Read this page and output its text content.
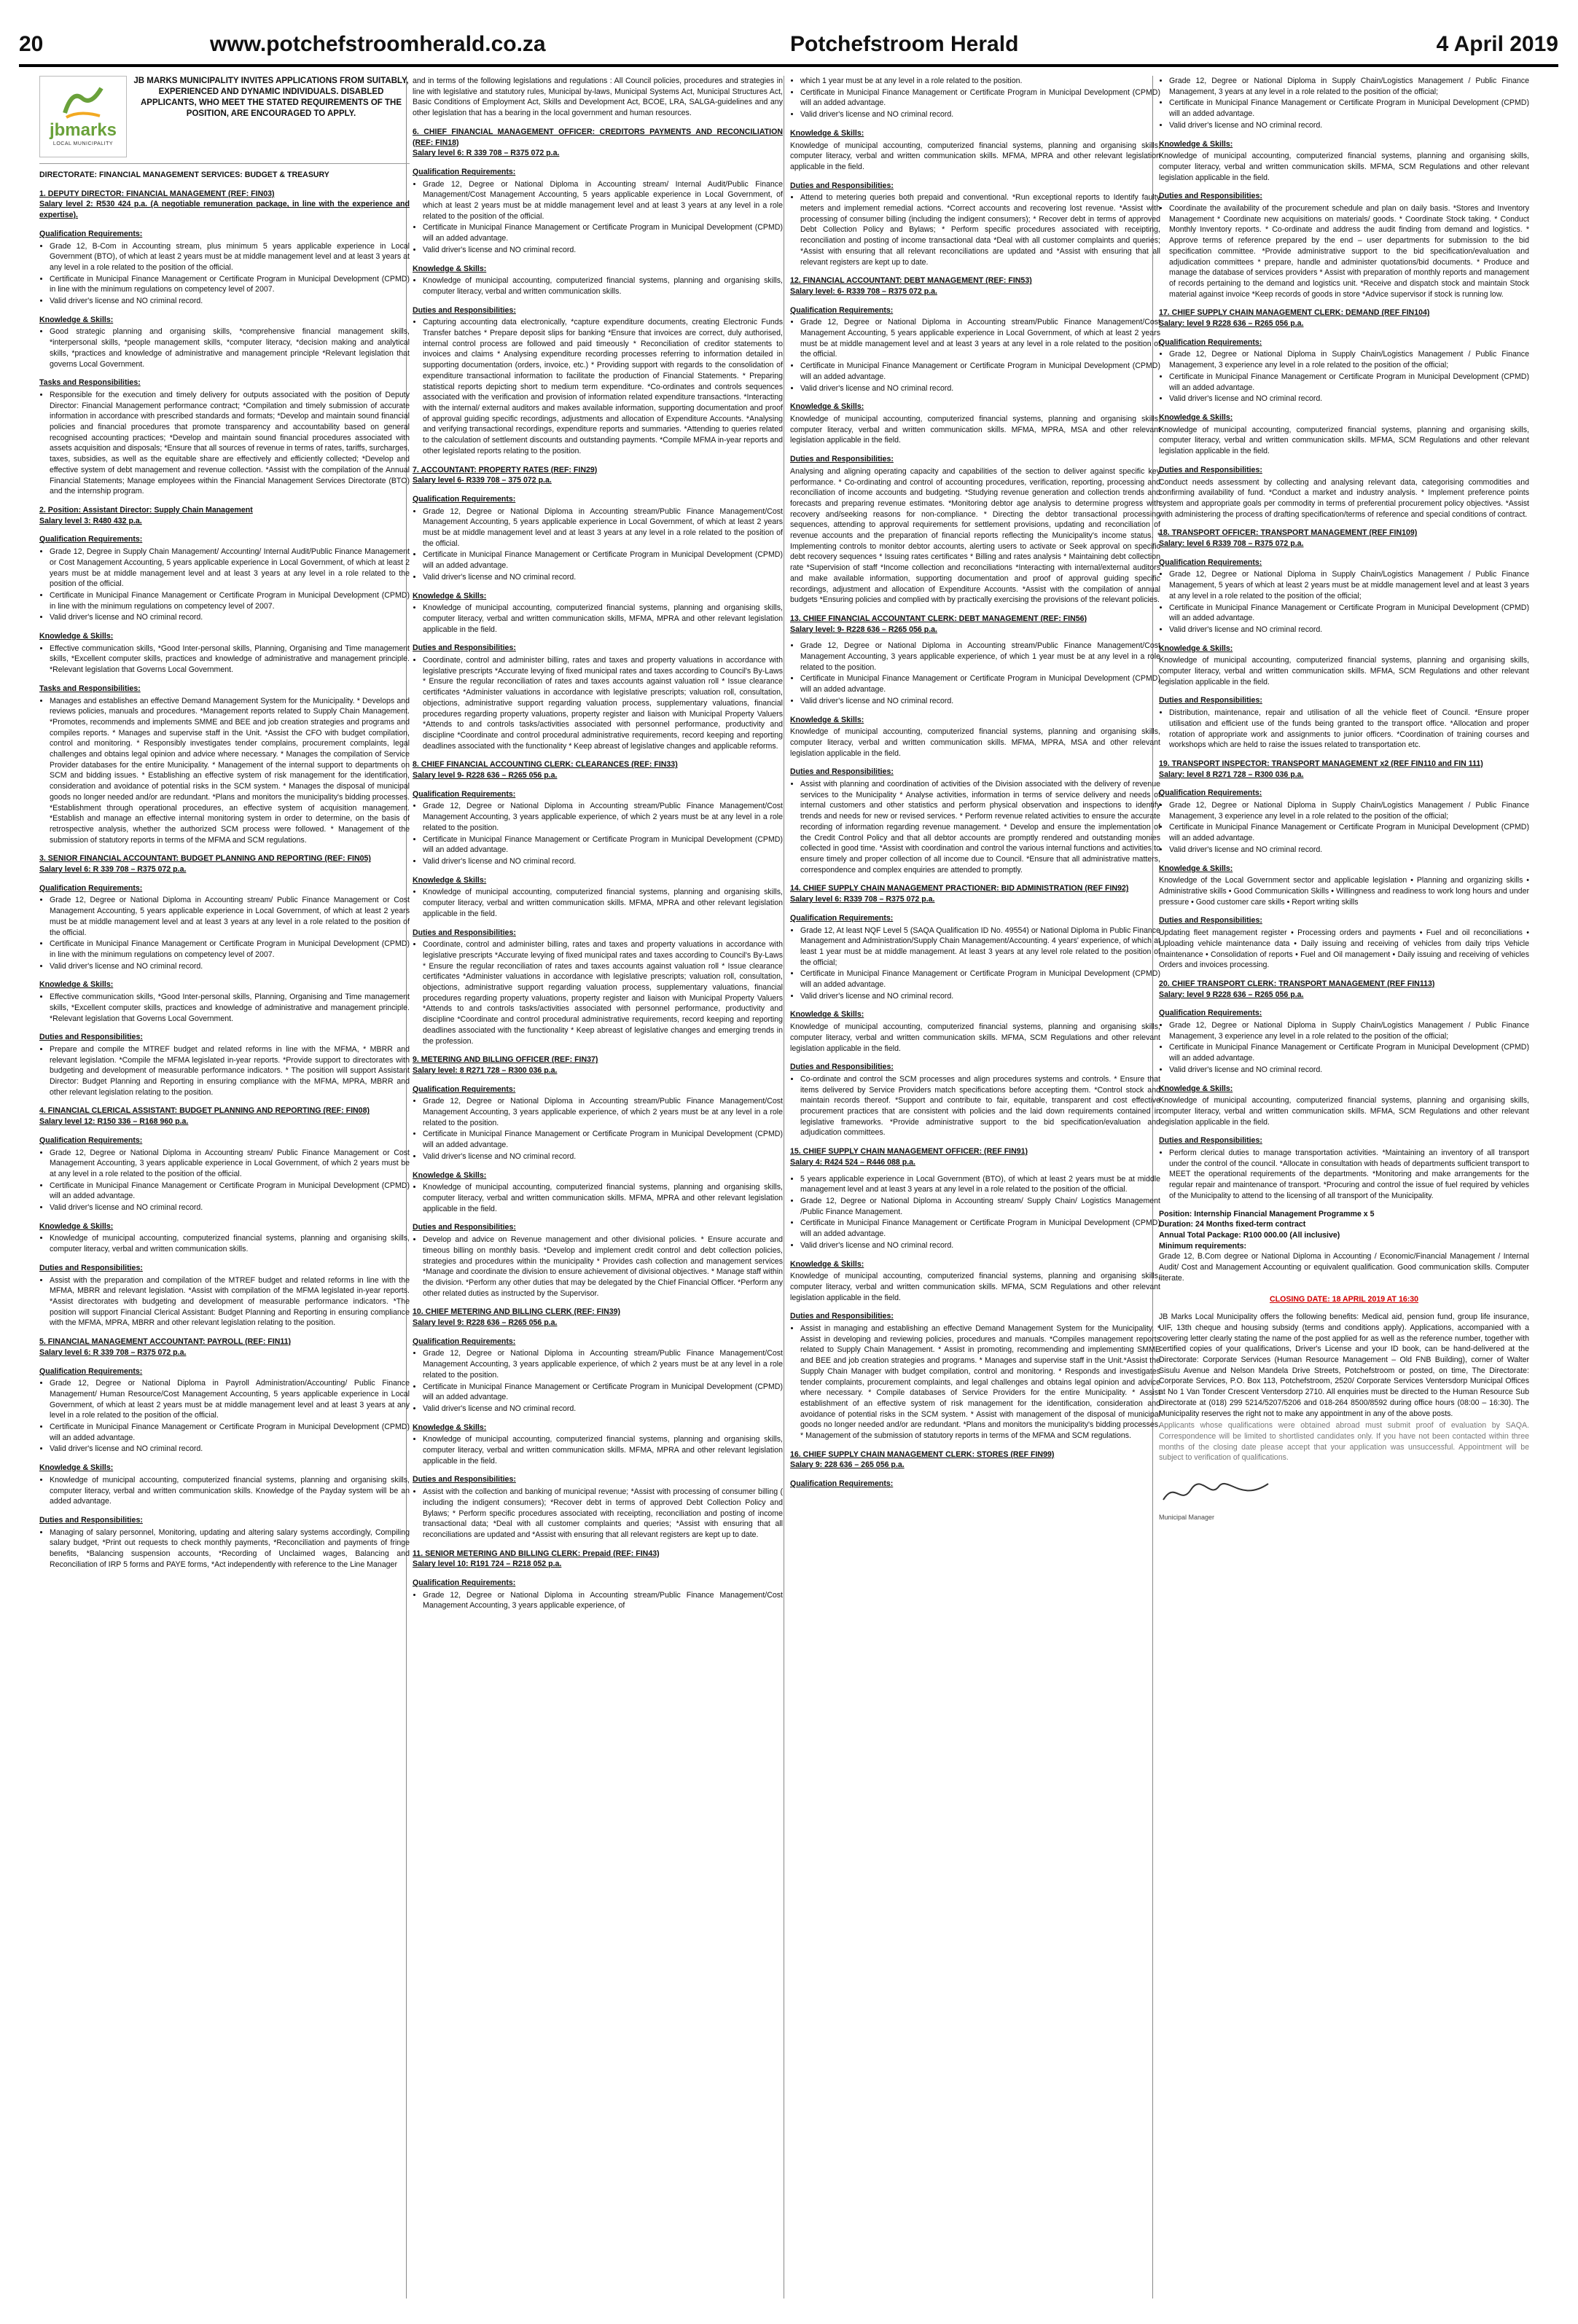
20	www.potchefstroomherald.co.za	Potchefstroom Herald	4 April 2019
jbmarks
LOCAL MUNICIPALITY
JB MARKS MUNICIPALITY INVITES APPLICATIONS FROM SUITABLY, EXPERIENCED AND DYNAMIC INDIVIDUALS. DISABLED APPLICANTS, WHO MEET THE STATED REQUIREMENTS OF THE POSITION, ARE ENCOURAGED TO APPLY.
DIRECTORATE: FINANCIAL MANAGEMENT SERVICES: BUDGET & TREASURY
1. DEPUTY DIRECTOR: FINANCIAL MANAGEMENT (REF: FIN03)
Salary level 2: R530 424 p.a. (A negotiable remuneration package, in line with the experience and expertise).
Qualification Requirements:
• Grade 12, B-Com in Accounting stream, plus minimum 5 years applicable experience in Local Government (BTO), of which at least 2 years must be at middle management level and at least 3 years at any level in a role related to the position of the official.
• Certificate in Municipal Finance Management or Certificate Program in Municipal Development (CPMD) in line with the minimum regulations on competency level of 2007.
• Valid driver's license and NO criminal record.
Knowledge & Skills:
• Good strategic planning and organising skills, *comprehensive financial management skills, *interpersonal skills, *people management skills, *computer literacy, *decision making and analytical skills, *practices and knowledge of administrative and management principle *Relevant legislation that governs Local Government.
Tasks and Responsibilities:
• Responsible for the execution and timely delivery for outputs associated with the position of Deputy Director: Financial Management performance contract; *Compilation and timely submission of accurate information in accordance with prescribed standards and formats; *Develop and maintain sound financial policies and financial procedures that promote transparency and accountability based on general recognised accounting practices; *Develop and maintain sound financial procedures associated with assets acquisition and disposals; *Ensure that all sources of revenue in terms of rates, tariffs, surcharges, taxes, subsidies, as well as the equitable share are effectively and efficiently collected; *Develop and effective system of debt management and revenue collection. *Assist with the compilation of the Annual Financial Statements; Manage employees within the Financial Management Services Directorate (BTO) and the internship program.
2. Position: Assistant Director: Supply Chain Management
Salary level 3: R480 432 p.a.
Qualification Requirements:
• Grade 12, Degree in Supply Chain Management/ Accounting/ Internal Audit/Public Finance Management or Cost Management Accounting, 5 years applicable experience in Local Government, of which at least 2 years must be at middle management level and at least 3 years at any level in a role related to the position of the official.
• Certificate in Municipal Finance Management or Certificate Program in Municipal Development (CPMD) in line with the minimum regulations on competency level of 2007.
• Valid driver's license and NO criminal record.
Knowledge & Skills:
• Effective communication skills, *Good Inter-personal skills, Planning, Organising and Time management skills, *Excellent computer skills, practices and knowledge of administrative and management principle. *Relevant legislation that Governs Local Government.
Tasks and Responsibilities:
• Manages and establishes an effective Demand Management System for the Municipality. * Develops and reviews policies, manuals and procedures. *Management reports related to Supply Chain Management. *Promotes, recommends and implements SMME and BEE and job creation strategies and programs and compiles reports. * Manages and supervise staff in the Unit. *Assist the CFO with budget compilation, control and monitoring. * Responsibly investigates tender complains, procurement complaints, legal challenges and obtains legal opinion and advice where necessary. * Manages the compilation of Service Provider databases for the entire Municipality. * Management of the internal support to departments on SCM and bidding issues. * Establishing an effective system of risk management for the identification, consideration and avoidance of potential risks in the SCM system. * Manages the disposal of municipal goods no longer needed and/or are redundant. *Plans and monitors the municipality's bidding processes. *Establishment through operational procedures, an effective system of acquisition management. *Establish and manage an effective internal monitoring system in order to determine, on the basis of retrospective analysis, whether the authorized SCM process were followed. * Management of the submission of statutory reports in terms of the MFMA and SCM regulations.
3. SENIOR FINANCIAL ACCOUNTANT: BUDGET PLANNING AND REPORTING (REF: FIN05)
Salary level 6: R 339 708 – R375 072 p.a.
Qualification Requirements:
• Grade 12, Degree or National Diploma in Accounting stream/ Public Finance Management or Cost Management Accounting, 5 years applicable experience in Local Government, of which at least 2 years must be at middle management level and at least 3 years at any level in a role related to the position of the official.
• Certificate in Municipal Finance Management or Certificate Program in Municipal Development (CPMD) in line with the minimum regulations on competency level of 2007.
• Valid driver's license and NO criminal record.
Knowledge & Skills:
• Effective communication skills, *Good Inter-personal skills, Planning, Organising and Time management skills, *Excellent computer skills, practices and knowledge of administrative and management principle. *Relevant legislation that Governs Local Government.
Duties and Responsibilities:
• Prepare and compile the MTREF budget and related reforms in line with the MFMA, * MBRR and relevant legislation. *Compile the MFMA legislated in-year reports. *Provide support to directorates with budgeting and development of measurable performance indicators. * The position will support Assistant Director: Budget Planning and Reporting in ensuring compliance with the MFMA, MPRA, MBRR and other relevant legislation relating to the position.
4. FINANCIAL CLERICAL ASSISTANT: BUDGET PLANNING AND REPORTING (REF: FIN08)
Salary level 12: R150 336 – R168 960 p.a.
Qualification Requirements:
• Grade 12, Degree or National Diploma in Accounting stream/ Public Finance Management or Cost Management Accounting, 3 years applicable experience in Local Government, of which 2 years must be at any level in a role related to the position of the official.
• Certificate in Municipal Finance Management or Certificate Program in Municipal Development (CPMD) will an added advantage.
• Valid driver's license and NO criminal record.
Knowledge & Skills:
• Knowledge of municipal accounting, computerized financial systems, planning and organising skills, computer literacy, verbal and written communication skills.
Duties and Responsibilities:
• Assist with the preparation and compilation of the MTREF budget and related reforms in line with the MFMA, MBRR and relevant legislation. *Assist with compilation of the MFMA legislated in-year reports. *Assist directorates with budgeting and development of measurable performance indicators. *The position will support Financial Clerical Assistant: Budget Planning and Reporting in ensuring compliance with the MFMA, MPRA, MBRR and other relevant legislation relating to the position.
5. FINANCIAL MANAGEMENT ACCOUNTANT: PAYROLL (REF: FIN11)
Salary level 6: R 339 708 – R375 072 p.a.
Qualification Requirements:
• Grade 12, Degree or National Diploma in Payroll Administration/Accounting/ Public Finance Management/ Human Resource/Cost Management Accounting, 5 years applicable experience in Local Government, of which at least 2 years must be at middle management level and at least 3 years at any level in a role related to the position of the official.
• Certificate in Municipal Finance Management or Certificate Program in Municipal Development (CPMD) will an added advantage.
• Valid driver's license and NO criminal record.
Knowledge & Skills:
• Knowledge of municipal accounting, computerized financial systems, planning and organising skills, computer literacy, verbal and written communication skills. Knowledge of the Payday system will be an added advantage.
Duties and Responsibilities:
• Managing of salary personnel, Monitoring, updating and altering salary systems accordingly, Compiling salary budget, *Print out requests to check monthly payments, *Reconciliation and payments of fringe benefits, *Balancing suspension accounts, *Recording of Unclaimed wages, Balancing and Reconciliation of IRP 5 forms and PAYE forms, *Act independently with reference to the Line Manager
and in terms of the following legislations and regulations : All Council policies, procedures and strategies in line with legislative and statutory rules, Municipal by-laws, Municipal Systems Act, Municipal Structures Act, Basic Conditions of Employment Act, Skills and Development Act, BCOE, LRA, SALGA-guidelines and any other legislation that has a bearing in the local government and human resources.
6. CHIEF FINANCIAL MANAGEMENT OFFICER: CREDITORS PAYMENTS AND RECONCILIATION (REF: FIN18)
Salary level 6: R 339 708 – R375 072 p.a.
Qualification Requirements:
• Grade 12, Degree or National Diploma in Accounting stream/ Internal Audit/Public Finance Management/Cost Management Accounting, 5 years applicable experience in Local Government, of which at least 2 years must be at middle management level and at least 3 years at any level in a role related to the position of the official.
• Certificate in Municipal Finance Management or Certificate Program in Municipal Development (CPMD) will an added advantage.
• Valid driver's license and NO criminal record.
Knowledge & Skills:
• Knowledge of municipal accounting, computerized financial systems, planning and organising skills, computer literacy, verbal and written communication skills.
Duties and Responsibilities:
• Capturing accounting data electronically, *capture expenditure documents, creating Electronic Funds Transfer batches * Prepare deposit slips for banking *Ensure that invoices are correct, duly authorised, internal control process are followed and paid timeously * Reconciliation of creditor statements to invoices and claims * Analysing expenditure recording processes referring to information detailed in supporting documentation (orders, invoice, etc.) * Providing support with regards to the consolidation of expenditure transactional information to facilitate the production of Financial Statements. * Preparing statistical reports depicting short to medium term expenditure. *Co-ordinates and controls sequences associated with the verification and provision of information related expenditure transactions. *Interacting with the internal/ external auditors and makes available information, supporting documentation and proof of approval guiding specific recordings, adjustments and allocation of Expenditure Accounts. *Analysing and verifying transactional recordings, expenditure reports and summaries. *Attending to queries related to the calculation of settlement discounts and outstanding payments. *Compile MFMA in-year reports and other legislated reports relating to the position.
7. ACCOUNTANT: PROPERTY RATES (REF: FIN29)
Salary level 6- R339 708 – 375 072 p.a.
Qualification Requirements:
• Grade 12, Degree or National Diploma in Accounting stream/Public Finance Management/Cost Management Accounting, 5 years applicable experience in Local Government, of which at least 2 years must be at middle management level and at least 3 years at any level in a role related to the position of the official.
• Certificate in Municipal Finance Management or Certificate Program in Municipal Development (CPMD) will an added advantage.
• Valid driver's license and NO criminal record.
Knowledge & Skills:
• Knowledge of municipal accounting, computerized financial systems, planning and organising skills, computer literacy, verbal and written communication skills, MFMA, MPRA and other relevant legislation applicable in the field.
Duties and Responsibilities:
• Coordinate, control and administer billing, rates and taxes and property valuations in accordance with legislative prescripts *Accurate levying of fixed municipal rates and taxes according to Council's By-Laws * Ensure the regular reconciliation of rates and taxes accounts against valuation roll * Issue clearance certificates *Administer valuations in accordance with legislative prescripts; valuation roll, consultation, objections, administrative support regarding valuation process, supplementary valuations, financial procedures regarding property valuations, property register and liaison with Municipal Property Valuers *Attends to and controls tasks/activities associated with personnel performance, productivity and discipline *Coordinate and control procedural administrative requirements, record keeping and reporting deadlines associated with the functionality * Keep abreast of legislative changes and applicable reforms.
8. CHIEF FINANCIAL ACCOUNTING CLERK: CLEARANCES (REF: FIN33)
Salary level 9- R228 636 – R265 056 p.a.
Qualification Requirements:
• Grade 12, Degree or National Diploma in Accounting stream/Public Finance Management/Cost Management Accounting, 3 years applicable experience, of which 2 years must be at any level in a role related to the position.
• Certificate in Municipal Finance Management or Certificate Program in Municipal Development (CPMD) will an added advantage.
• Valid driver's license and NO criminal record.
Knowledge & Skills:
• Knowledge of municipal accounting, computerized financial systems, planning and organising skills, computer literacy, verbal and written communication skills. MFMA, MPRA and other relevant legislation applicable in the field.
Duties and Responsibilities:
• Coordinate, control and administer billing, rates and taxes and property valuations in accordance with legislative prescripts *Accurate levying of fixed municipal rates and taxes according to Council's By-Laws * Ensure the regular reconciliation of rates and taxes accounts against valuation roll * Issue clearance certificates *Administer valuations in accordance with legislative prescripts; valuation roll, consultation, objections, administrative support regarding valuation process, supplementary valuations, financial procedures regarding property valuations, property register and liaison with Municipal Property Valuers *Attends to and controls tasks/activities associated with personnel performance, productivity and discipline *Coordinate and control procedural administrative requirements, record keeping and reporting deadlines associated with the functionality * Keep abreast of legislative changes and emerging trends in the profession.
9. METERING AND BILLING OFFICER (REF: FIN37)
Salary level: 8 R271 728 – R300 036 p.a.
Qualification Requirements:
• Grade 12, Degree or National Diploma in Accounting stream/Public Finance Management/Cost Management Accounting, 3 years applicable experience, of which 2 years must be at any level in a role related to the position.
• Certificate in Municipal Finance Management or Certificate Program in Municipal Development (CPMD) will an added advantage.
• Valid driver's license and NO criminal record.
Knowledge & Skills:
• Knowledge of municipal accounting, computerized financial systems, planning and organising skills, computer literacy, verbal and written communication skills. MFMA, MPRA and other relevant legislation applicable in the field.
Duties and Responsibilities:
• Develop and advice on Revenue management and other divisional policies. * Ensure accurate and timeous billing on monthly basis. *Develop and implement credit control and debt collection policies, strategies and procedures within the municipality * Provides cash collection and management services *Manage and coordinate the division to ensure achievement of divisional objectives. * Manage staff within the division. *Perform any other duties that may be delegated by the Chief Financial Officer. *Perform any other related duties as instructed by the Supervisor.
10. CHIEF METERING AND BILLING CLERK (REF: FIN39)
Salary level 9: R228 636 – R265 056 p.a.
Qualification Requirements:
• Grade 12, Degree or National Diploma in Accounting stream/Public Finance Management/Cost Management Accounting, 3 years applicable experience, of which 2 years must be at any level in a role related to the position.
• Certificate in Municipal Finance Management or Certificate Program in Municipal Development (CPMD) will an added advantage.
• Valid driver's license and NO criminal record.
Knowledge & Skills:
• Knowledge of municipal accounting, computerized financial systems, planning and organising skills, computer literacy, verbal and written communication skills. MFMA, MPRA and other relevant legislation applicable in the field.
Duties and Responsibilities:
• Assist with the collection and banking of municipal revenue; *Assist with processing of consumer billing ( including the indigent consumers); *Recover debt in terms of approved Debt Collection Policy and Bylaws; * Perform specific procedures associated with receipting, reconciliation and posting of income transactional data; *Deal with all customer complaints and queries; *Assist with ensuring that all reconciliations are updated and *Assist with ensuring that all relevant registers are kept up to date.
11. SENIOR METERING AND BILLING CLERK: Prepaid (REF: FIN43)
Salary level 10: R191 724 – R218 052 p.a.
Qualification Requirements:
• Grade 12, Degree or National Diploma in Accounting stream/Public Finance Management/Cost Management Accounting, 3 years applicable experience, of
• which 1 year must be at any level in a role related to the position.
• Certificate in Municipal Finance Management or Certificate Program in Municipal Development (CPMD) will an added advantage.
• Valid driver's license and NO criminal record.
Knowledge & Skills:
Knowledge of municipal accounting, computerized financial systems, planning and organising skills, computer literacy, verbal and written communication skills. MFMA, MPRA and other relevant legislation applicable in the field.
Duties and Responsibilities:
• Attend to metering queries both prepaid and conventional. *Run exceptional reports to Identify faulty meters and implement remedial actions. *Correct accounts and recovering lost revenue. *Assist with processing of consumer billing (including the indigent consumers); * Recover debt in terms of approved Debt Collection Policy and Bylaws; * Perform specific procedures associated with receipting, reconciliation and posting of income transactional data *Deal with all customer complaints and queries; *Assist with ensuring that all relevant reconciliations are updated and *Assist with ensuring that all relevant registers are kept up to date.
12. FINANCIAL ACCOUNTANT: DEBT MANAGEMENT (REF: FIN53)
Salary level: 6- R339 708 – R375 072 p.a.
Qualification Requirements:
• Grade 12, Degree or National Diploma in Accounting stream/Public Finance Management/Cost Management Accounting, 5 years applicable experience in Local Government, of which at least 2 years must be at middle management level and at least 3 years at any level in a role related to the position of the official.
• Certificate in Municipal Finance Management or Certificate Program in Municipal Development (CPMD) will an added advantage.
• Valid driver's license and NO criminal record.
Knowledge & Skills:
Knowledge of municipal accounting, computerized financial systems, planning and organising skills, computer literacy, verbal and written communication skills. MFMA, MPRA, MSA and other relevant legislation applicable in the field.
Duties and Responsibilities:
Analysing and aligning operating capacity and capabilities of the section to deliver against specific key performance. * Co-ordinating and control of accounting procedures, verification, reporting, processing and reconciliation of income accounts and budgeting. *Studying revenue generation and collection trends and forecasts and preparing revenue estimates. *Monitoring debtor age analysis to determine progress with recovery and/seeking reasons for non-compliance. * Directing the debtor transactional processing sequences, attending to approval requirements for settlement provisions, updating and reconciliation of revenue accounts and the preparation of financial reports reflecting the Municipality's income status. * Implementing controls to monitor debtor accounts, alerting users to activate or Seek approval on specific debt recovery sequences * Issuing rates certificates * Billing and rates analysis * Maintaining debt collection rate *Supervision of staff *Income collection and reconciliations *Interacting with internal/external auditors and make available information, supporting documentation and proof of approval guiding specific recordings, adjustment and allocation of Expenditure Accounts. *Assist with the compilation of annual budgets *Ensuring policies and complied with by practically exercising the provisions of the relevant policies.
13. CHIEF FINANCIAL ACCOUNTANT CLERK: DEBT MANAGEMENT (REF: FIN56)
Salary level: 9- R228 636 – R265 056 p.a.
• Grade 12, Degree or National Diploma in Accounting stream/Public Finance Management/Cost Management Accounting, 3 years applicable experience, of which 1 year must be at any level in a role related to the position.
• Certificate in Municipal Finance Management or Certificate Program in Municipal Development (CPMD) will an added advantage.
• Valid driver's license and NO criminal record.
Knowledge & Skills:
Knowledge of municipal accounting, computerized financial systems, planning and organising skills, computer literacy, verbal and written communication skills. MFMA, MPRA, MSA and other relevant legislation applicable in the field.
Duties and Responsibilities:
• Assist with planning and coordination of activities of the Division associated with the delivery of revenue services to the Municipality * Analyse activities, information in terms of service delivery and needs of internal customers and other statistics and perform physical observation and inspections to identify trends and needs for new or revised services. * Perform revenue related activities to ensure the accurate recording of information regarding revenue management. * Develop and ensure the implementation of the Credit Control Policy and that all debtor accounts are promptly rendered and outstanding monies collected in good time. *Assist with coordination and control the various internal functions and activities to ensure timely and proper collection of all income due to Council. *Ensure that all administrative matters, correspondence and complex enquiries are attended to promptly.
14. CHIEF SUPPLY CHAIN MANAGEMENT PRACTIONER: BID ADMINISTRATION (REF FIN92)
Salary level 6: R339 708 – R375 072 p.a.
Qualification Requirements:
• Grade 12, At least NQF Level 5 (SAQA Qualification ID No. 49554) or National Diploma in Public Finance Management and Administration/Supply Chain Management/Accounting. 4 years' experience, of which at least 1 year must be at middle management. At least 3 years at any level role related to the position of the official;
• Certificate in Municipal Finance Management or Certificate Program in Municipal Development (CPMD) will an added advantage.
• Valid driver's license and NO criminal record.
Knowledge & Skills:
Knowledge of municipal accounting, computerized financial systems, planning and organising skills, computer literacy, verbal and written communication skills. MFMA, SCM Regulations and other relevant legislation applicable in the field.
Duties and Responsibilities:
• Co-ordinate and control the SCM processes and align procedures systems and controls. * Ensure that items delivered by Service Providers match specifications before accepting them. *Control stock and maintain records thereof. *Support and contribute to fair, equitable, transparent and cost effective procurement practices that are consistent with policies and the laid down requirements contained in legislative frameworks. *Provide administrative support to the bid specification/evaluation and adjudication committees.
15. CHIEF SUPPLY CHAIN MANAGEMENT OFFICER: (REF FIN91)
Salary 4: R424 524 – R446 088 p.a.
• 5 years applicable experience in Local Government (BTO), of which at least 2 years must be at middle management level and at least 3 years at any level in a role related to the position of the official.
• Grade 12, Degree or National Diploma in Accounting stream/ Supply Chain/ Logistics Management /Public Finance Management.
• Certificate in Municipal Finance Management or Certificate Program in Municipal Development (CPMD) will an added advantage.
• Valid driver's license and NO criminal record.
Knowledge & Skills:
Knowledge of municipal accounting, computerized financial systems, planning and organising skills, computer literacy, verbal and written communication skills. MFMA, SCM Regulations and other relevant legislation applicable in the field.
Duties and Responsibilities:
• Assist in managing and establishing an effective Demand Management System for the Municipality. * Assist in developing and reviewing policies, procedures and manuals. *Compiles management reports related to Supply Chain Management. * Assist in promoting, recommending and implementing SMME and BEE and job creation strategies and programs. * Manages and supervise staff in the Unit.*Assist the Supply Chain Manager with budget compilation, control and monitoring. * Responds and investigates tender complaints, procurement complaints, and legal challenges and obtains legal opinion and advice where necessary. * Compile databases of Service Providers for the entire Municipality. * Assist establishment of an effective system of risk management for the identification, consideration and avoidance of potential risks in the SCM system. * Assist with management of the disposal of municipal goods no longer needed and/or are redundant. *Plans and monitors the municipality's bidding processes. * Management of the submission of statutory reports in terms of the MFMA and SCM regulations.
16. CHIEF SUPPLY CHAIN MANAGEMENT CLERK: STORES (REF FIN99)
Salary 9: 228 636 – 265 056 p.a.
Qualification Requirements:
• Grade 12, Degree or National Diploma in Supply Chain/Logistics Management / Public Finance Management, 3 years at any level in a role related to the position of the official;
• Certificate in Municipal Finance Management or Certificate Program in Municipal Development (CPMD) will an added advantage.
• Valid driver's license and NO criminal record.
Knowledge & Skills:
Knowledge of municipal accounting, computerized financial systems, planning and organising skills, computer literacy, verbal and written communication skills. MFMA, SCM Regulations and other relevant legislation applicable in the field.
Duties and Responsibilities:
• Coordinate the availability of the procurement schedule and plan on daily basis. *Stores and Inventory Management * Coordinate new acquisitions on materials/ goods. * Coordinate Stock taking. * Conduct Monthly Inventory reports. * Co-ordinate and address the audit finding from demand and logistics. * Approve terms of reference prepared by the end – user departments for submission to the bid specification committee. *Provide administrative support to the bid specification/evaluation and adjudication committees * prepare, handle and administer quotations/bid documents. * Produce and manage the database of services providers * Assist with preparation of monthly reports and management of records pertaining to the demand and logistics unit. *Receive and dispatch stock and maintain Stock material against invoice *Keep records of goods in store *Advice supervisor if stock is running low.
17. CHIEF SUPPLY CHAIN MANAGEMENT CLERK: DEMAND (REF FIN104)
Salary: level 9 R228 636 – R265 056 p.a.
Qualification Requirements:
• Grade 12, Degree or National Diploma in Supply Chain/Logistics Management / Public Finance Management, 3 experience any level in a role related to the position of the official;
• Certificate in Municipal Finance Management or Certificate Program in Municipal Development (CPMD) will an added advantage.
• Valid driver's license and NO criminal record.
Knowledge & Skills:
Knowledge of municipal accounting, computerized financial systems, planning and organising skills, computer literacy, verbal and written communication skills. MFMA, SCM Regulations and other relevant legislation applicable in the field.
Duties and Responsibilities:
Conduct needs assessment by collecting and analysing relevant data, categorising commodities and confirming availability of fund. *Conduct a market and industry analysis. * Implement preference points system and appropriate goals per commodity in terms of preferential procurement policy objectives. *Assist with administering the process of drafting specification/terms of reference and special conditions of contract.
18. TRANSPORT OFFICER: TRANSPORT MANAGEMENT (REF FIN109)
Salary: level 6 R339 708 – R375 072 p.a.
Qualification Requirements:
• Grade 12, Degree or National Diploma in Supply Chain/Logistics Management / Public Finance Management, 5 years of which at least 2 years must be at middle management level and at least 3 years at any level in a role related to the position of the official;
• Certificate in Municipal Finance Management or Certificate Program in Municipal Development (CPMD) will an added advantage.
• Valid driver's license and NO criminal record.
Knowledge & Skills:
Knowledge of municipal accounting, computerized financial systems, planning and organising skills, computer literacy, verbal and written communication skills. MFMA, SCM Regulations and other relevant legislation applicable in the field.
Duties and Responsibilities:
• Distribution, maintenance, repair and utilisation of all the vehicle fleet of Council. *Ensure proper utilisation and efficient use of the funds being granted to the transport office. *Allocation and proper rotation of appropriate work and assignments to junior officers. *Coordination of training courses and workshops which are held to raise the issues related to transportation etc.
19. TRANSPORT INSPECTOR: TRANSPORT MANAGEMENT x2 (REF FIN110 and FIN 111)
Salary: level 8 R271 728 – R300 036 p.a.
Qualification Requirements:
• Grade 12, Degree or National Diploma in Supply Chain/Logistics Management / Public Finance Management, 3 experience any level in a role related to the position of the official;
• Certificate in Municipal Finance Management or Certificate Program in Municipal Development (CPMD) will an added advantage.
• Valid driver's license and NO criminal record.
Knowledge & Skills:
Knowledge of the Local Government sector and applicable legislation • Planning and organizing skills • Administrative skills • Good Communication Skills • Willingness and readiness to work long hours and under pressure • Good customer care skills • Report writing skills
Duties and Responsibilities:
Updating fleet management register • Processing orders and payments • Fuel and oil reconciliations • Uploading vehicle maintenance data • Daily issuing and receiving of vehicles from daily trips Vehicle maintenance • Consolidation of reports • Fuel and Oil management • Daily issuing and receiving of vehicles Orders and invoices processing.
20. CHIEF TRANSPORT CLERK: TRANSPORT MANAGEMENT (REF FIN113)
Salary: level 9 R228 636 – R265 056 p.a.
Qualification Requirements:
• Grade 12, Degree or National Diploma in Supply Chain/Logistics Management / Public Finance Management, 3 experience any level in a role related to the position of the official;
• Certificate in Municipal Finance Management or Certificate Program in Municipal Development (CPMD) will an added advantage.
• Valid driver's license and NO criminal record.
Knowledge & Skills:
Knowledge of municipal accounting, computerized financial systems, planning and organising skills, computer literacy, verbal and written communication skills. MFMA, SCM Regulations and other relevant legislation applicable in the field.
Duties and Responsibilities:
• Perform clerical duties to manage transportation activities. *Maintaining an inventory of all transport under the control of the council. *Allocate in consultation with heads of departments sufficient transport to MEET the operational requirements of the departments. *Monitoring and make arrangements for the regular repair and maintenance of transport. *Procuring and control the issue of fuel required by vehicles of the Municipality to attend to the licensing of all transport of the Municipality.
Position: Internship Financial Management Programme x 5
Duration: 24 Months fixed-term contract
Annual Total Package: R100 000.00 (All inclusive)
Minimum requirements:
Grade 12, B.Com degree or National Diploma in Accounting / Economic/Financial Management / Internal Audit/ Cost and Management Accounting or equivalent qualification. Good communication skills. Computer literate.
CLOSING DATE: 18 APRIL 2019 AT 16:30
JB Marks Local Municipality offers the following benefits: Medical aid, pension fund, group life insurance, UIF, 13th cheque and housing subsidy (terms and conditions apply). Applications, accompanied with a covering letter clearly stating the name of the post applied for as well as the reference number, together with certified copies of your qualifications, Driver's License and your ID book, can be hand-delivered at the Directorate: Corporate Services (Human Resource Management – Old FNB Building), corner of Walter Sisulu Avenue and Nelson Mandela Drive Streets, Potchefstroom or posted, on time, The Directorate: Corporate Services, P.O. Box 113, Potchefstroom, 2520/ Corporate Services Ventersdorp Municipal Offices at No 1 Van Tonder Crescent Ventersdorp 2710. All enquiries must be directed to the Human Resource Sub Directorate at (018) 299 5214/5207/5206 and 018-264 8500/8592 during office hours (08:00 – 16:30). The Municipality reserves the right not to make any appointment in any of the above posts.
Applicants whose qualifications were obtained abroad must submit proof of evaluation by SAQA. Correspondence will be limited to shortlisted candidates only. If you have not been contacted within three months of the closing date please accept that your application was unsuccessful. Appointment will be subject to verification of qualifications.
Municipal Manager
